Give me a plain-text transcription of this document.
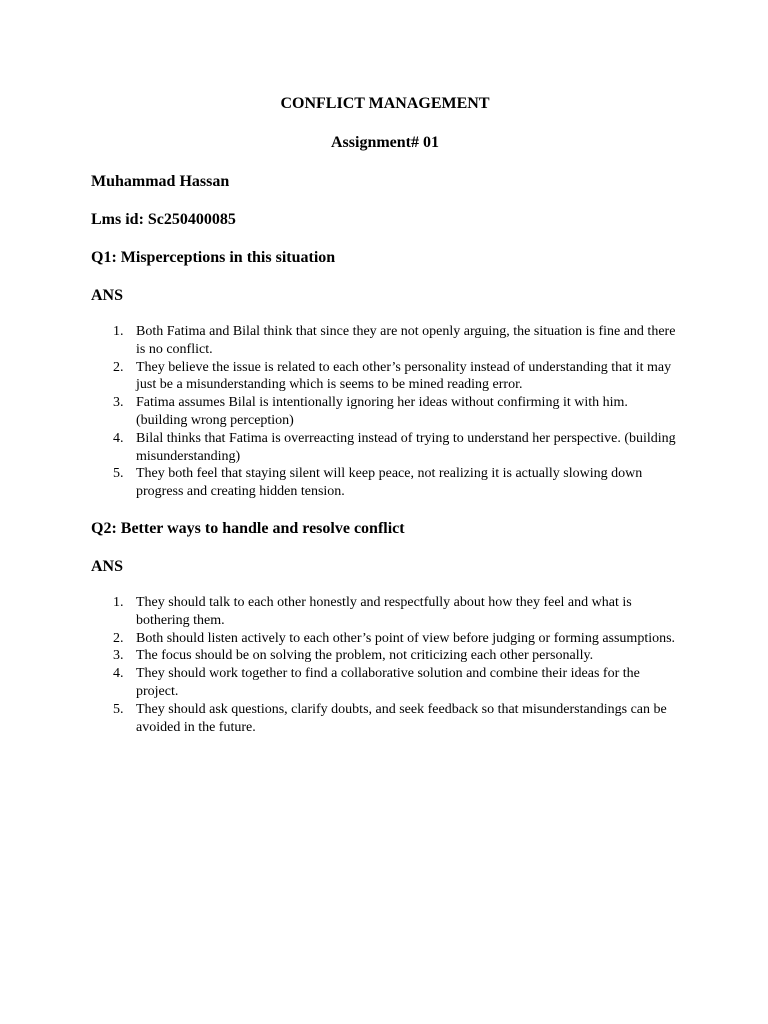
CONFLICT MANAGEMENT
Assignment# 01
Muhammad Hassan
Lms id: Sc250400085
Q1: Misperceptions in this situation
ANS
1. Both Fatima and Bilal think that since they are not openly arguing, the situation is fine and there is no conflict.
2. They believe the issue is related to each other’s personality instead of understanding that it may just be a misunderstanding which is seems to be mined reading error.
3. Fatima assumes Bilal is intentionally ignoring her ideas without confirming it with him. (building wrong perception)
4. Bilal thinks that Fatima is overreacting instead of trying to understand her perspective. (building misunderstanding)
5. They both feel that staying silent will keep peace, not realizing it is actually slowing down progress and creating hidden tension.
Q2: Better ways to handle and resolve conflict
ANS
1. They should talk to each other honestly and respectfully about how they feel and what is bothering them.
2. Both should listen actively to each other’s point of view before judging or forming assumptions.
3. The focus should be on solving the problem, not criticizing each other personally.
4. They should work together to find a collaborative solution and combine their ideas for the project.
5. They should ask questions, clarify doubts, and seek feedback so that misunderstandings can be avoided in the future.
